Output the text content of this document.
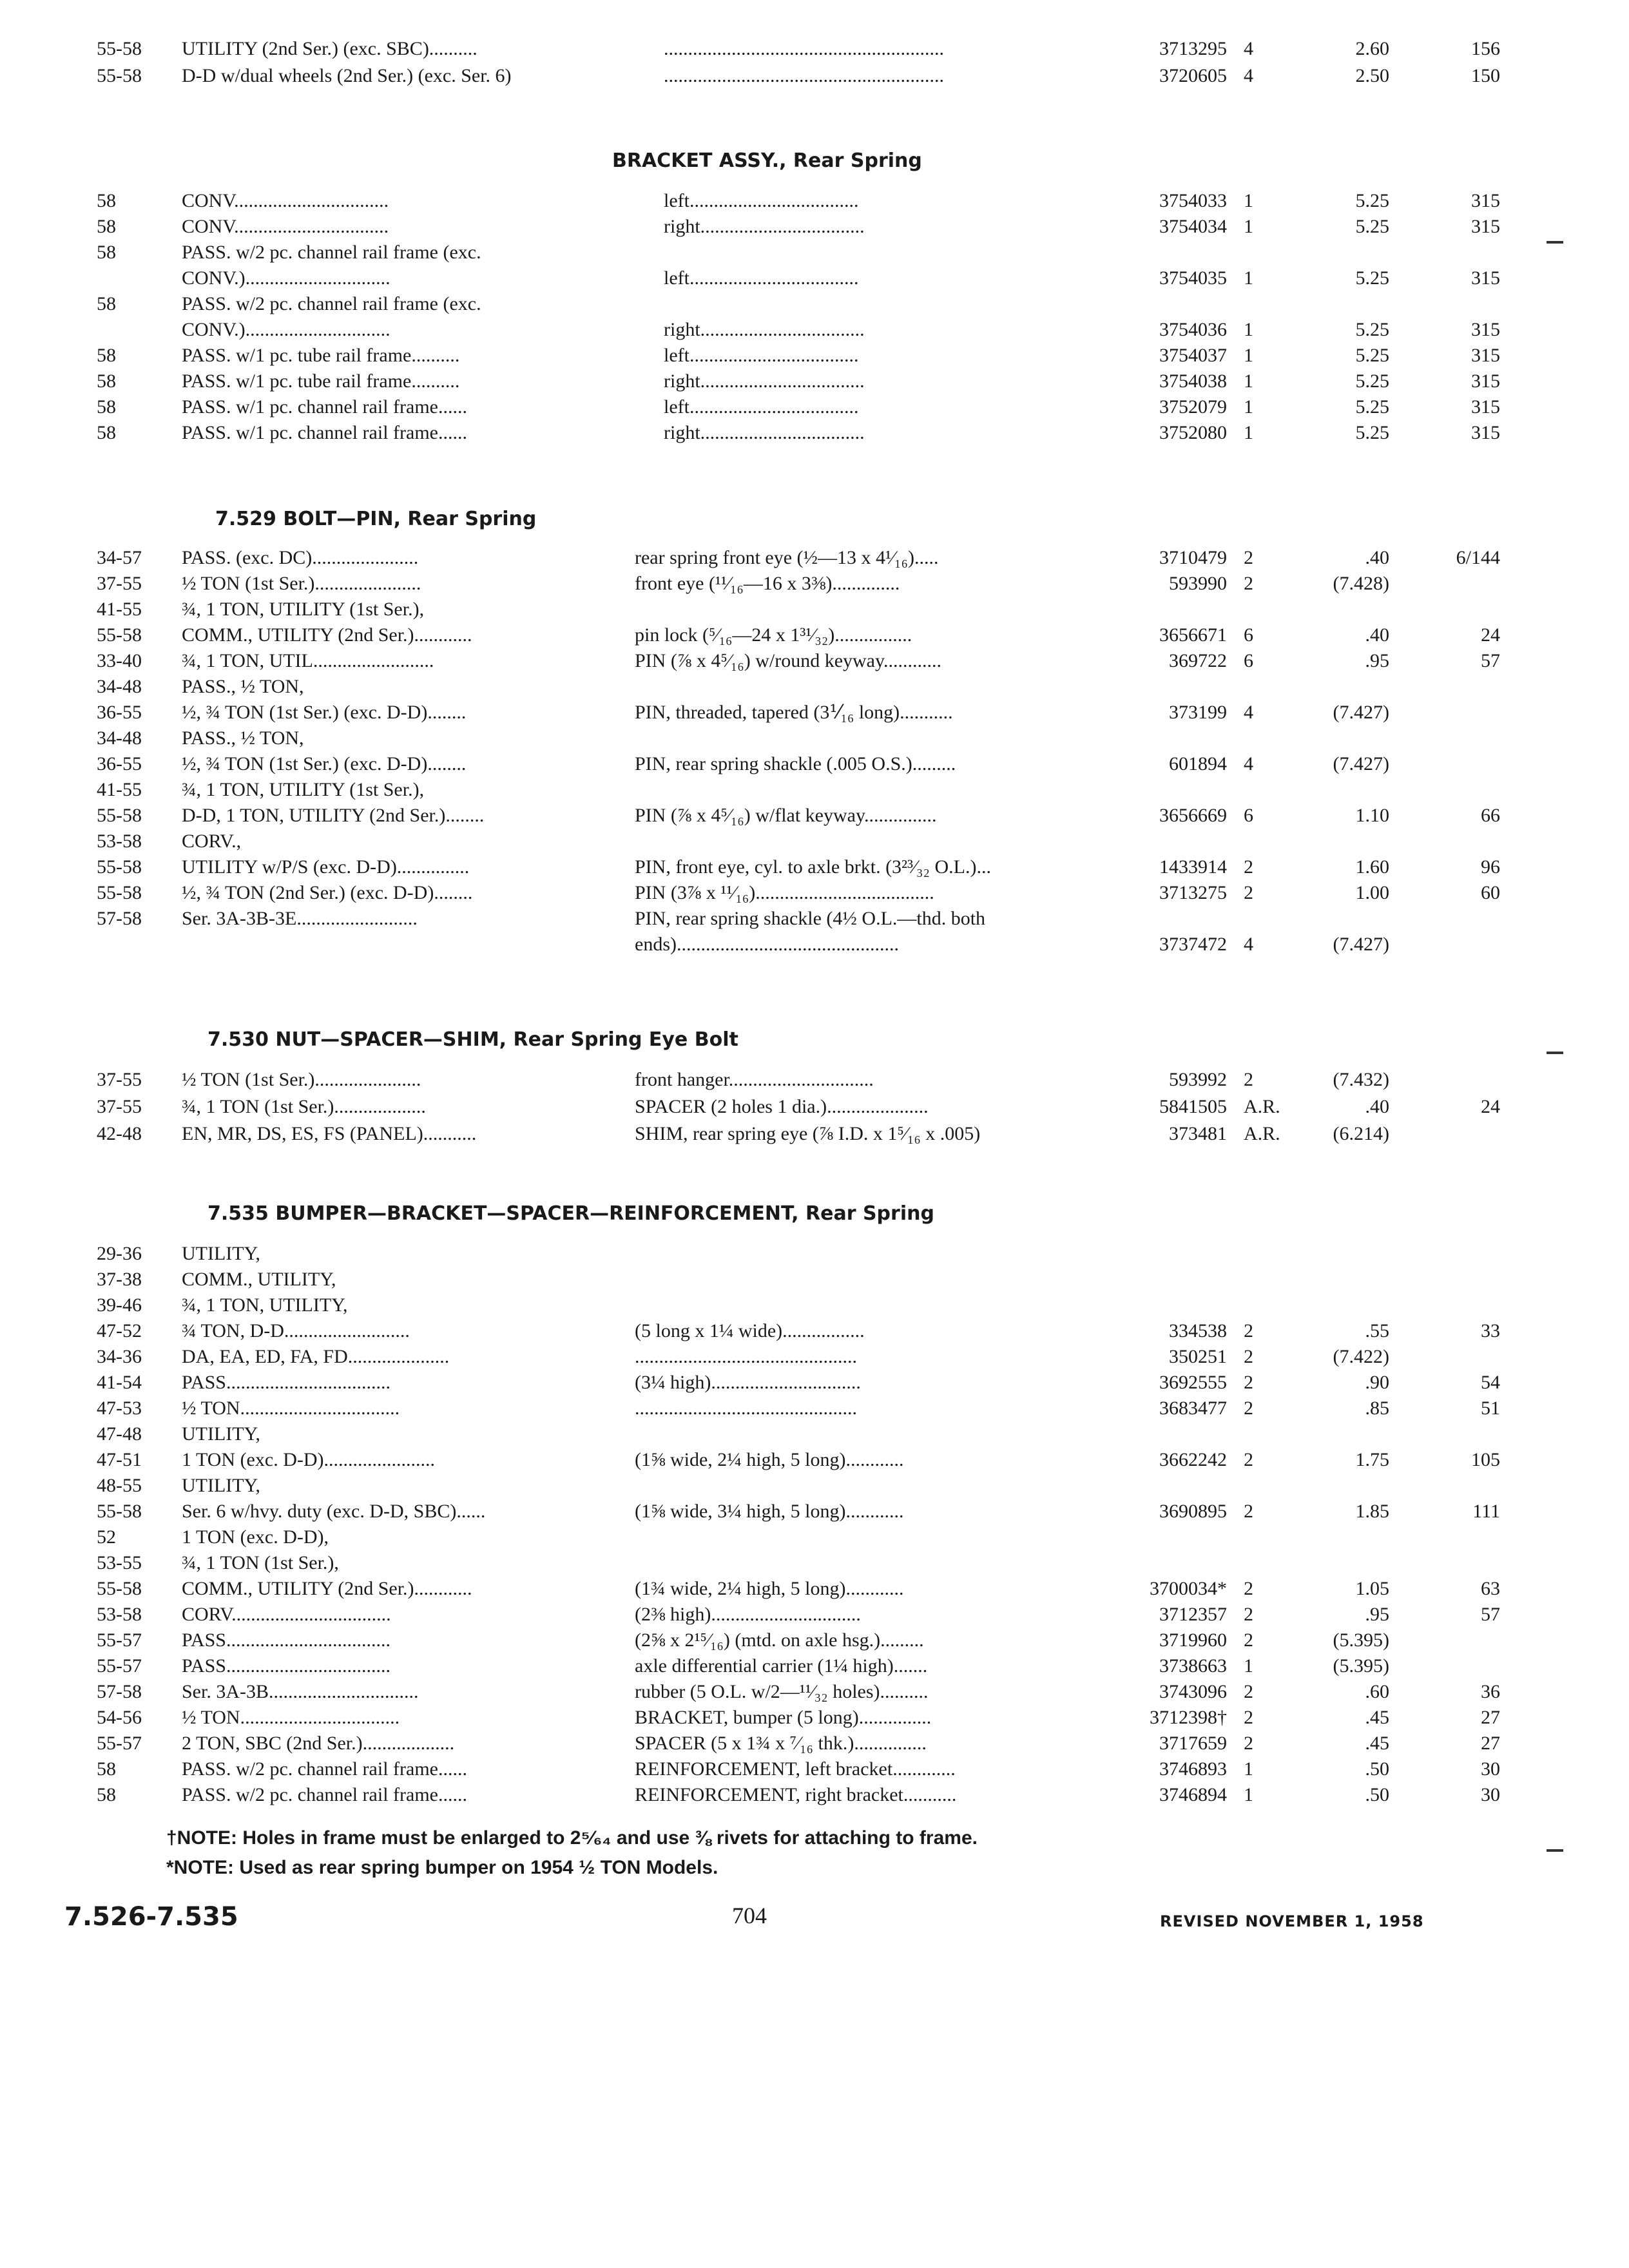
55-58 UTILITY (2nd Ser.) (exc. SBC)..........	..........................................................	3713295 4	2.60	156
55-58 D-D w/dual wheels (2nd Ser.) (exc. Ser. 6)	..........................................................	3720605 4	2.50	150
BRACKET ASSY., Rear Spring
58	CONV................................	left...................................	3754033 1	5.25	315
58	CONV................................	right..................................	3754034 1	5.25	315
58	PASS. w/2 pc. channel rail frame (exc.
CONV.)..............................	left...................................	3754035 1	5.25	315
58	PASS. w/2 pc. channel rail frame (exc.
CONV.)..............................	right..................................	3754036 1	5.25	315
58	PASS. w/1 pc. tube rail frame..........	left...................................	3754037 1	5.25	315
58	PASS. w/1 pc. tube rail frame..........	right..................................	3754038 1	5.25	315
58	PASS. w/1 pc. channel rail frame......	left...................................	3752079 1	5.25	315
58	PASS. w/1 pc. channel rail frame......	right..................................	3752080 1	5.25	315
7.529 BOLT—PIN, Rear Spring
34-57 PASS. (exc. DC)......................	rear spring front eye (½—13 x 4¹⁄₁₆).....	3710479 2	.40	6/144
37-55 ½ TON (1st Ser.)......................	front eye (¹¹⁄₁₆—16 x 3⅜)..............	593990 2	(7.428)
41-55 ¾, 1 TON, UTILITY (1st Ser.),
55-58 COMM., UTILITY (2nd Ser.)............	pin lock (⁵⁄₁₆—24 x 1³¹⁄₃₂)................	3656671 6	.40	24
33-40 ¾, 1 TON, UTIL.........................	PIN (⅞ x 4⁵⁄₁₆) w/round keyway............	369722 6	.95	57
34-48 PASS., ½ TON,
36-55 ½, ¾ TON (1st Ser.) (exc. D-D)........	PIN, threaded, tapered (3⅟₁₆ long)...........	373199 4	(7.427)
34-48 PASS., ½ TON,
36-55 ½, ¾ TON (1st Ser.) (exc. D-D)........	PIN, rear spring shackle (.005 O.S.).........	601894 4	(7.427)
41-55 ¾, 1 TON, UTILITY (1st Ser.),
55-58 D-D, 1 TON, UTILITY (2nd Ser.)........	PIN (⅞ x 4⁵⁄₁₆) w/flat keyway...............	3656669 6	1.10	66
53-58 CORV.,
55-58 UTILITY w/P/S (exc. D-D)...............	PIN, front eye, cyl. to axle brkt. (3²³⁄₃₂ O.L.)...	1433914 2	1.60	96
55-58 ½, ¾ TON (2nd Ser.) (exc. D-D)........	PIN (3⅞ x ¹¹⁄₁₆).....................................	3713275 2	1.00	60
57-58 Ser. 3A-3B-3E.........................	PIN, rear spring shackle (4½ O.L.—thd. both
ends)..............................................	3737472 4	(7.427)
7.530 NUT—SPACER—SHIM, Rear Spring Eye Bolt
37-55 ½ TON (1st Ser.)......................	front hanger..............................	593992 2	(7.432)
37-55 ¾, 1 TON (1st Ser.)...................	SPACER (2 holes 1 dia.).....................	5841505 A.R.	.40	24
42-48 EN, MR, DS, ES, FS (PANEL)...........	SHIM, rear spring eye (⅞ I.D. x 1⁵⁄₁₆ x .005)	373481 A.R.	(6.214)
7.535 BUMPER—BRACKET—SPACER—REINFORCEMENT, Rear Spring
29-36 UTILITY,
37-38 COMM., UTILITY,
39-46 ¾, 1 TON, UTILITY,
47-52 ¾ TON, D-D..........................	(5 long x 1¼ wide).................	334538 2	.55	33
34-36 DA, EA, ED, FA, FD.....................	..............................................	350251 2	(7.422)
41-54 PASS..................................	(3¼ high)...............................	3692555 2	.90	54
47-53 ½ TON.................................	..............................................	3683477 2	.85	51
47-48 UTILITY,
47-51 1 TON (exc. D-D).......................	(1⅝ wide, 2¼ high, 5 long)............	3662242 2	1.75	105
48-55 UTILITY,
55-58 Ser. 6 w/hvy. duty (exc. D-D, SBC)......	(1⅝ wide, 3¼ high, 5 long)............	3690895 2	1.85	111
52	1 TON (exc. D-D),
53-55 ¾, 1 TON (1st Ser.),
55-58 COMM., UTILITY (2nd Ser.)............	(1¾ wide, 2¼ high, 5 long)............	3700034* 2	1.05	63
53-58 CORV.................................	(2⅜ high)...............................	3712357 2	.95	57
55-57 PASS..................................	(2⅝ x 2¹⁵⁄₁₆) (mtd. on axle hsg.).........	3719960 2	(5.395)
55-57 PASS..................................	axle differential carrier (1¼ high).......	3738663 1	(5.395)
57-58 Ser. 3A-3B...............................	rubber (5 O.L. w/2—¹¹⁄₃₂ holes)..........	3743096 2	.60	36
54-56 ½ TON.................................	BRACKET, bumper (5 long)...............	3712398† 2	.45	27
55-57 2 TON, SBC (2nd Ser.)...................	SPACER (5 x 1¾ x ⁷⁄₁₆ thk.)...............	3717659 2	.45	27
58	PASS. w/2 pc. channel rail frame......	REINFORCEMENT, left bracket.............	3746893 1	.50	30
58	PASS. w/2 pc. channel rail frame......	REINFORCEMENT, right bracket...........	3746894 1	.50	30
†NOTE: Holes in frame must be enlarged to 2⁵⁄₆₄ and use ⅜ rivets for attaching to frame.
*NOTE: Used as rear spring bumper on 1954 ½ TON Models.
7.526-7.535	704	REVISED NOVEMBER 1, 1958
